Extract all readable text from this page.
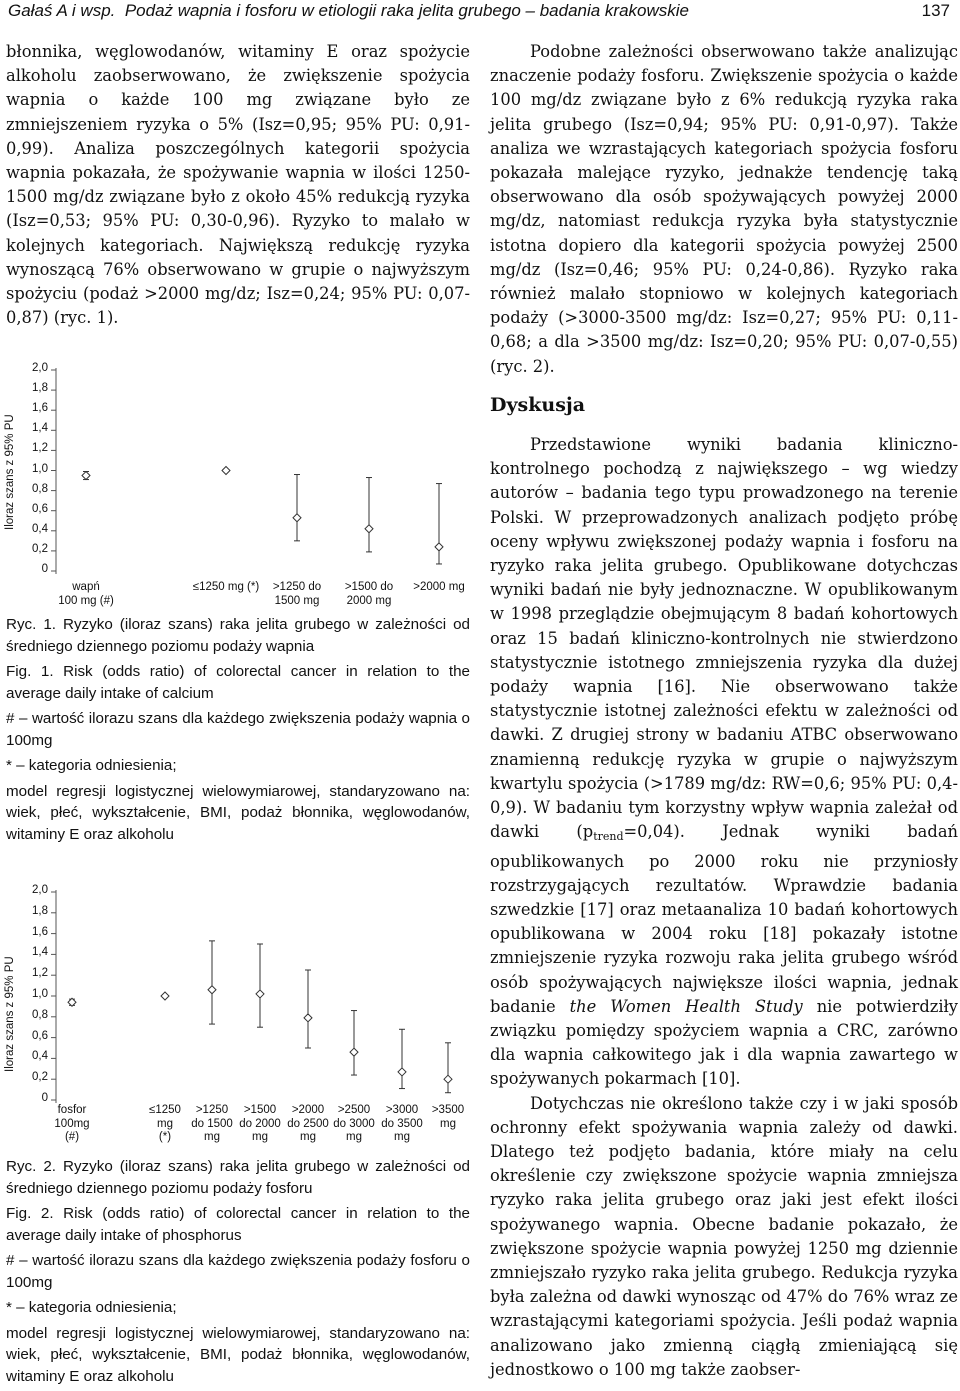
Gałaś A i wsp. Podaż wapnia i fosforu w etiologii raka jelita grubego – badania krakowskie	137

błonnika, węglowodanów, witaminy E oraz spożycie alkoholu zaobserwowano, że zwiększenie spożycia wapnia o każde 100 mg związane było ze zmniejszeniem ryzyka o 5% (Isz=0,95; 95% PU: 0,91-0,99). Analiza poszczególnych kategorii spożycia wapnia pokazała, że spożywanie wapnia w ilości 1250-1500 mg/dz związane było z około 45% redukcją ryzyka (Isz=0,53; 95% PU: 0,30-0,96). Ryzyko to malało w kolejnych kategoriach. Największą redukcję ryzyka wynoszącą 76% obserwowano w grupie o najwyższym spożyciu (podaż >2000 mg/dz; Isz=0,24; 95% PU: 0,07-0,87) (ryc. 1).

2,0
1,8
1,6
1,4
1,2
1,0
0,8
0,6
0,4
0,2
0
Iloraz szans z 95% PU
wapń
100 mg (#)
≤1250 mg (*)	>1250 do
1500 mg
>1500 do
2000 mg
>2000 mg

Ryc. 1. Ryzyko (iloraz szans) raka jelita grubego w zależności od średniego dziennego poziomu podaży wapnia

Fig. 1. Risk (odds ratio) of colorectal cancer in relation to the average daily intake of calcium

# – wartość ilorazu szans dla każdego zwiększenia podaży wapnia o 100mg

* – kategoria odniesienia;

model regresji logistycznej wielowymiarowej, standaryzowano na: wiek, płeć, wykształcenie, BMI, podaż błonnika, węglowodanów, witaminy E oraz alkoholu

2,0
1,8
1,6
1,4
1,2
1,0
0,8
0,6
0,4
0,2
0
Iloraz szans z 95% PU
fosfor
100mg
(#)
≤1250
mg
(*)
>1250
do 1500
mg
>1500
do 2000
mg
>2000
do 2500
mg
>2500
do 3000
mg
>3000
do 3500
mg
>3500
mg

Ryc. 2. Ryzyko (iloraz szans) raka jelita grubego w zależności od średniego dziennego poziomu podaży fosforu

Fig. 2. Risk (odds ratio) of colorectal cancer in relation to the average daily intake of phosphorus

# – wartość ilorazu szans dla każdego zwiększenia podaży fosforu o 100mg

* – kategoria odniesienia;

model regresji logistycznej wielowymiarowej, standaryzowano na: wiek, płeć, wykształcenie, BMI, podaż błonnika, węglowodanów, witaminy E oraz alkoholu

Podobne zależności obserwowano także analizując znaczenie podaży fosforu. Zwiększenie spożycia o każde 100 mg/dz związane było z 6% redukcją ryzyka raka jelita grubego (Isz=0,94; 95% PU: 0,91-0,97). Także analiza we wzrastających kategoriach spożycia fosforu pokazała malejące ryzyko, jednakże tendencję taką obserwowano dla osób spożywających powyżej 2000 mg/dz, natomiast redukcja ryzyka była statystycznie istotna dopiero dla kategorii spożycia powyżej 2500 mg/dz (Isz=0,46; 95% PU: 0,24-0,86). Ryzyko raka również malało stopniowo w kolejnych kategoriach podaży (>3000-3500 mg/dz: Isz=0,27; 95% PU: 0,11-0,68; a dla >3500 mg/dz: Isz=0,20; 95% PU: 0,07-0,55) (ryc. 2).

Dyskusja

Przedstawione wyniki badania kliniczno-kontrolnego pochodzą z największego – wg wiedzy autorów – badania tego typu prowadzonego na terenie Polski. W przeprowadzonych analizach podjęto próbę oceny wpływu zwiększonej podaży wapnia i fosforu na ryzyko raka jelita grubego. Opublikowane dotychczas wyniki badań nie były jednoznaczne. W opublikowanym w 1998 przeglądzie obejmującym 8 badań kohortowych oraz 15 badań kliniczno-kontrolnych nie stwierdzono statystycznie istotnego zmniejszenia ryzyka dla dużej podaży wapnia [16]. Nie obserwowano także statystycznie istotnej zależności efektu w zależności od dawki. Z drugiej strony w badaniu ATBC obserwowano znamienną redukcję ryzyka w grupie o najwyższym kwartylu spożycia (>1789 mg/dz: RW=0,6; 95% PU: 0,4-0,9). W badaniu tym korzystny wpływ wapnia zależał od dawki $(p_{trend}=0,04)$. Jednak wyniki badań opublikowanych po 2000 roku nie przyniosły rozstrzygających rezultatów. Wprawdzie badania szwedzkie [17] oraz metaanaliza 10 badań kohortowych opublikowana w 2004 roku [18] pokazały istotne zmniejszenie ryzyka rozwoju raka jelita grubego wśród osób spożywających największe ilości wapnia, jednak badanie the Women Health Study nie potwierdziły związku pomiędzy spożyciem wapnia a CRC, zarówno dla wapnia całkowitego jak i dla wapnia zawartego w spożywanych pokarmach [10].

Dotychczas nie określono także czy i w jaki sposób ochronny efekt spożywania wapnia zależy od dawki. Dlatego też podjęto badania, które miały na celu określenie czy zwiększone spożycie wapnia zmniejsza ryzyko raka jelita grubego oraz jaki jest efekt ilości spożywanego wapnia. Obecne badanie pokazało, że zwiększone spożycie wapnia powyżej 1250 mg dziennie zmniejszało ryzyko raka jelita grubego. Redukcja ryzyka była zależna od dawki wynosząc od 47% do 76% wraz ze wzrastającymi kategoriami spożycia. Jeśli podaż wapnia analizowano jako zmienną ciągłą zmieniającą się jednostkowo o 100 mg także zaobser-
